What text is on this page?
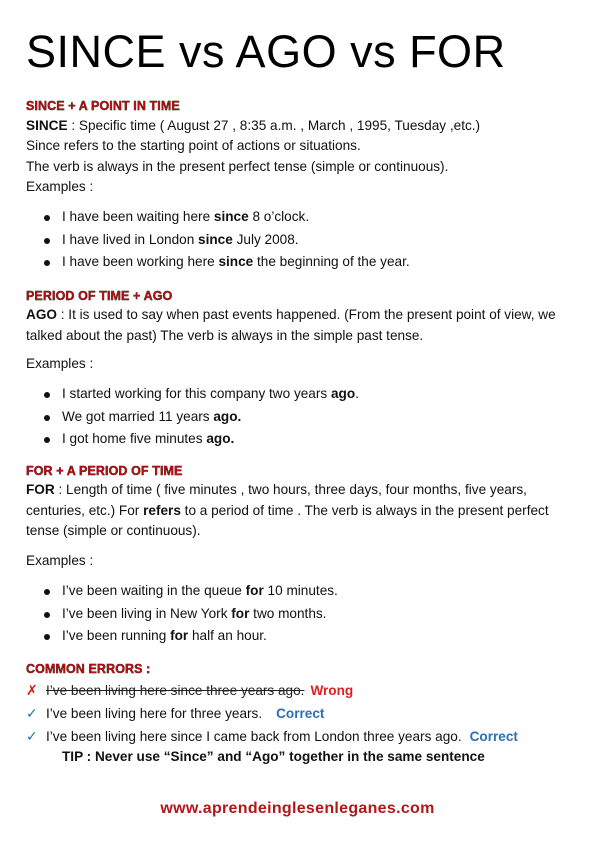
SINCE vs AGO vs FOR
SINCE + A POINT IN TIME

SINCE : Specific time ( August 27 , 8:35 a.m. , March , 1995, Tuesday ,etc.)

Since refers to the starting point of actions or situations.

The verb is always in the present perfect tense (simple or continuous).

Examples :

I have been waiting here since 8 o’clock.
I have lived in London since July 2008.
I have been working here since the beginning of the year.
PERIOD OF TIME + AGO

AGO : It is used to say when past events happened. (From the present point of view, we talked about the past) The verb is always in the simple past tense.

Examples :

I started working for this company two years ago.
We got married 11 years ago.
I got home five minutes ago.
FOR + A PERIOD OF TIME

FOR : Length of time ( five minutes , two hours, three days, four months, five years, centuries, etc.) For refers to a period of time . The verb is always in the present perfect tense (simple or continuous).

Examples :

I’ve been waiting in the queue for 10 minutes.
I’ve been living in New York for two months.
I’ve been running for half an hour.
COMMON ERRORS :
✗ I’ve been living here since three years ago. Wrong
✓ I’ve been living here for three years. Correct
✓ I’ve been living here since I came back from London three years ago. Correct
TIP : Never use “Since” and “Ago” together in the same sentence
www.aprendeinglesenleganes.com
